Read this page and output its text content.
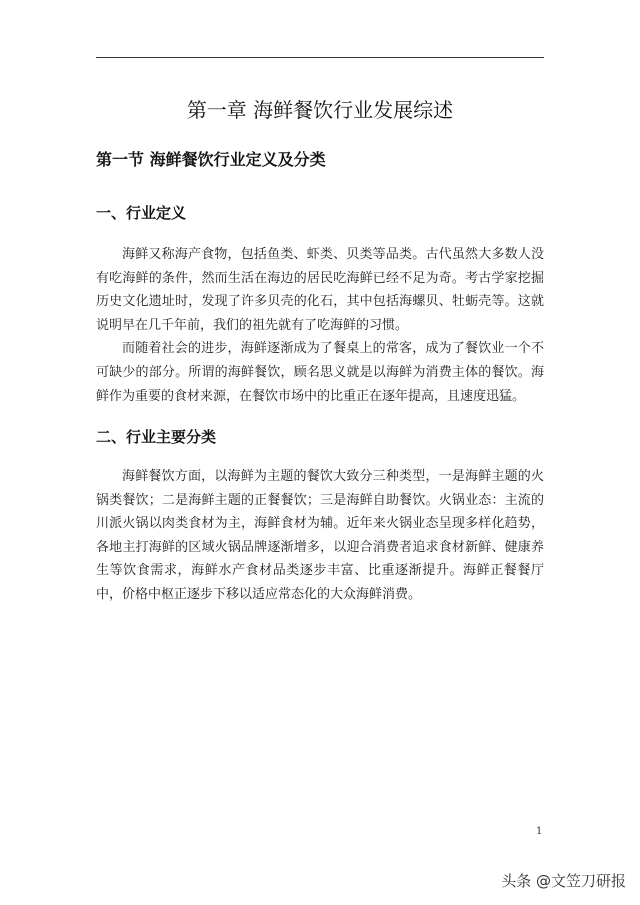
第一章 海鲜餐饮行业发展综述
第一节 海鲜餐饮行业定义及分类
一、行业定义

海鲜又称海产食物，包括鱼类、虾类、贝类等品类。古代虽然大多数人没有吃海鲜的条件，然而生活在海边的居民吃海鲜已经不足为奇。考古学家挖掘历史文化遗址时，发现了许多贝壳的化石，其中包括海螺贝、牡蛎壳等。这就说明早在几千年前，我们的祖先就有了吃海鲜的习惯。

而随着社会的进步，海鲜逐渐成为了餐桌上的常客，成为了餐饮业一个不可缺少的部分。所谓的海鲜餐饮，顾名思义就是以海鲜为消费主体的餐饮。海鲜作为重要的食材来源，在餐饮市场中的比重正在逐年提高，且速度迅猛。

二、行业主要分类

海鲜餐饮方面，以海鲜为主题的餐饮大致分三种类型，一是海鲜主题的火锅类餐饮；二是海鲜主题的正餐餐饮；三是海鲜自助餐饮。火锅业态：主流的川派火锅以肉类食材为主，海鲜食材为辅。近年来火锅业态呈现多样化趋势，各地主打海鲜的区域火锅品牌逐渐增多，以迎合消费者追求食材新鲜、健康养生等饮食需求，海鲜水产食材品类逐步丰富、比重逐渐提升。海鲜正餐餐厅中，价格中枢正逐步下移以适应常态化的大众海鲜消费。

1
头条 @文笠刀研报
